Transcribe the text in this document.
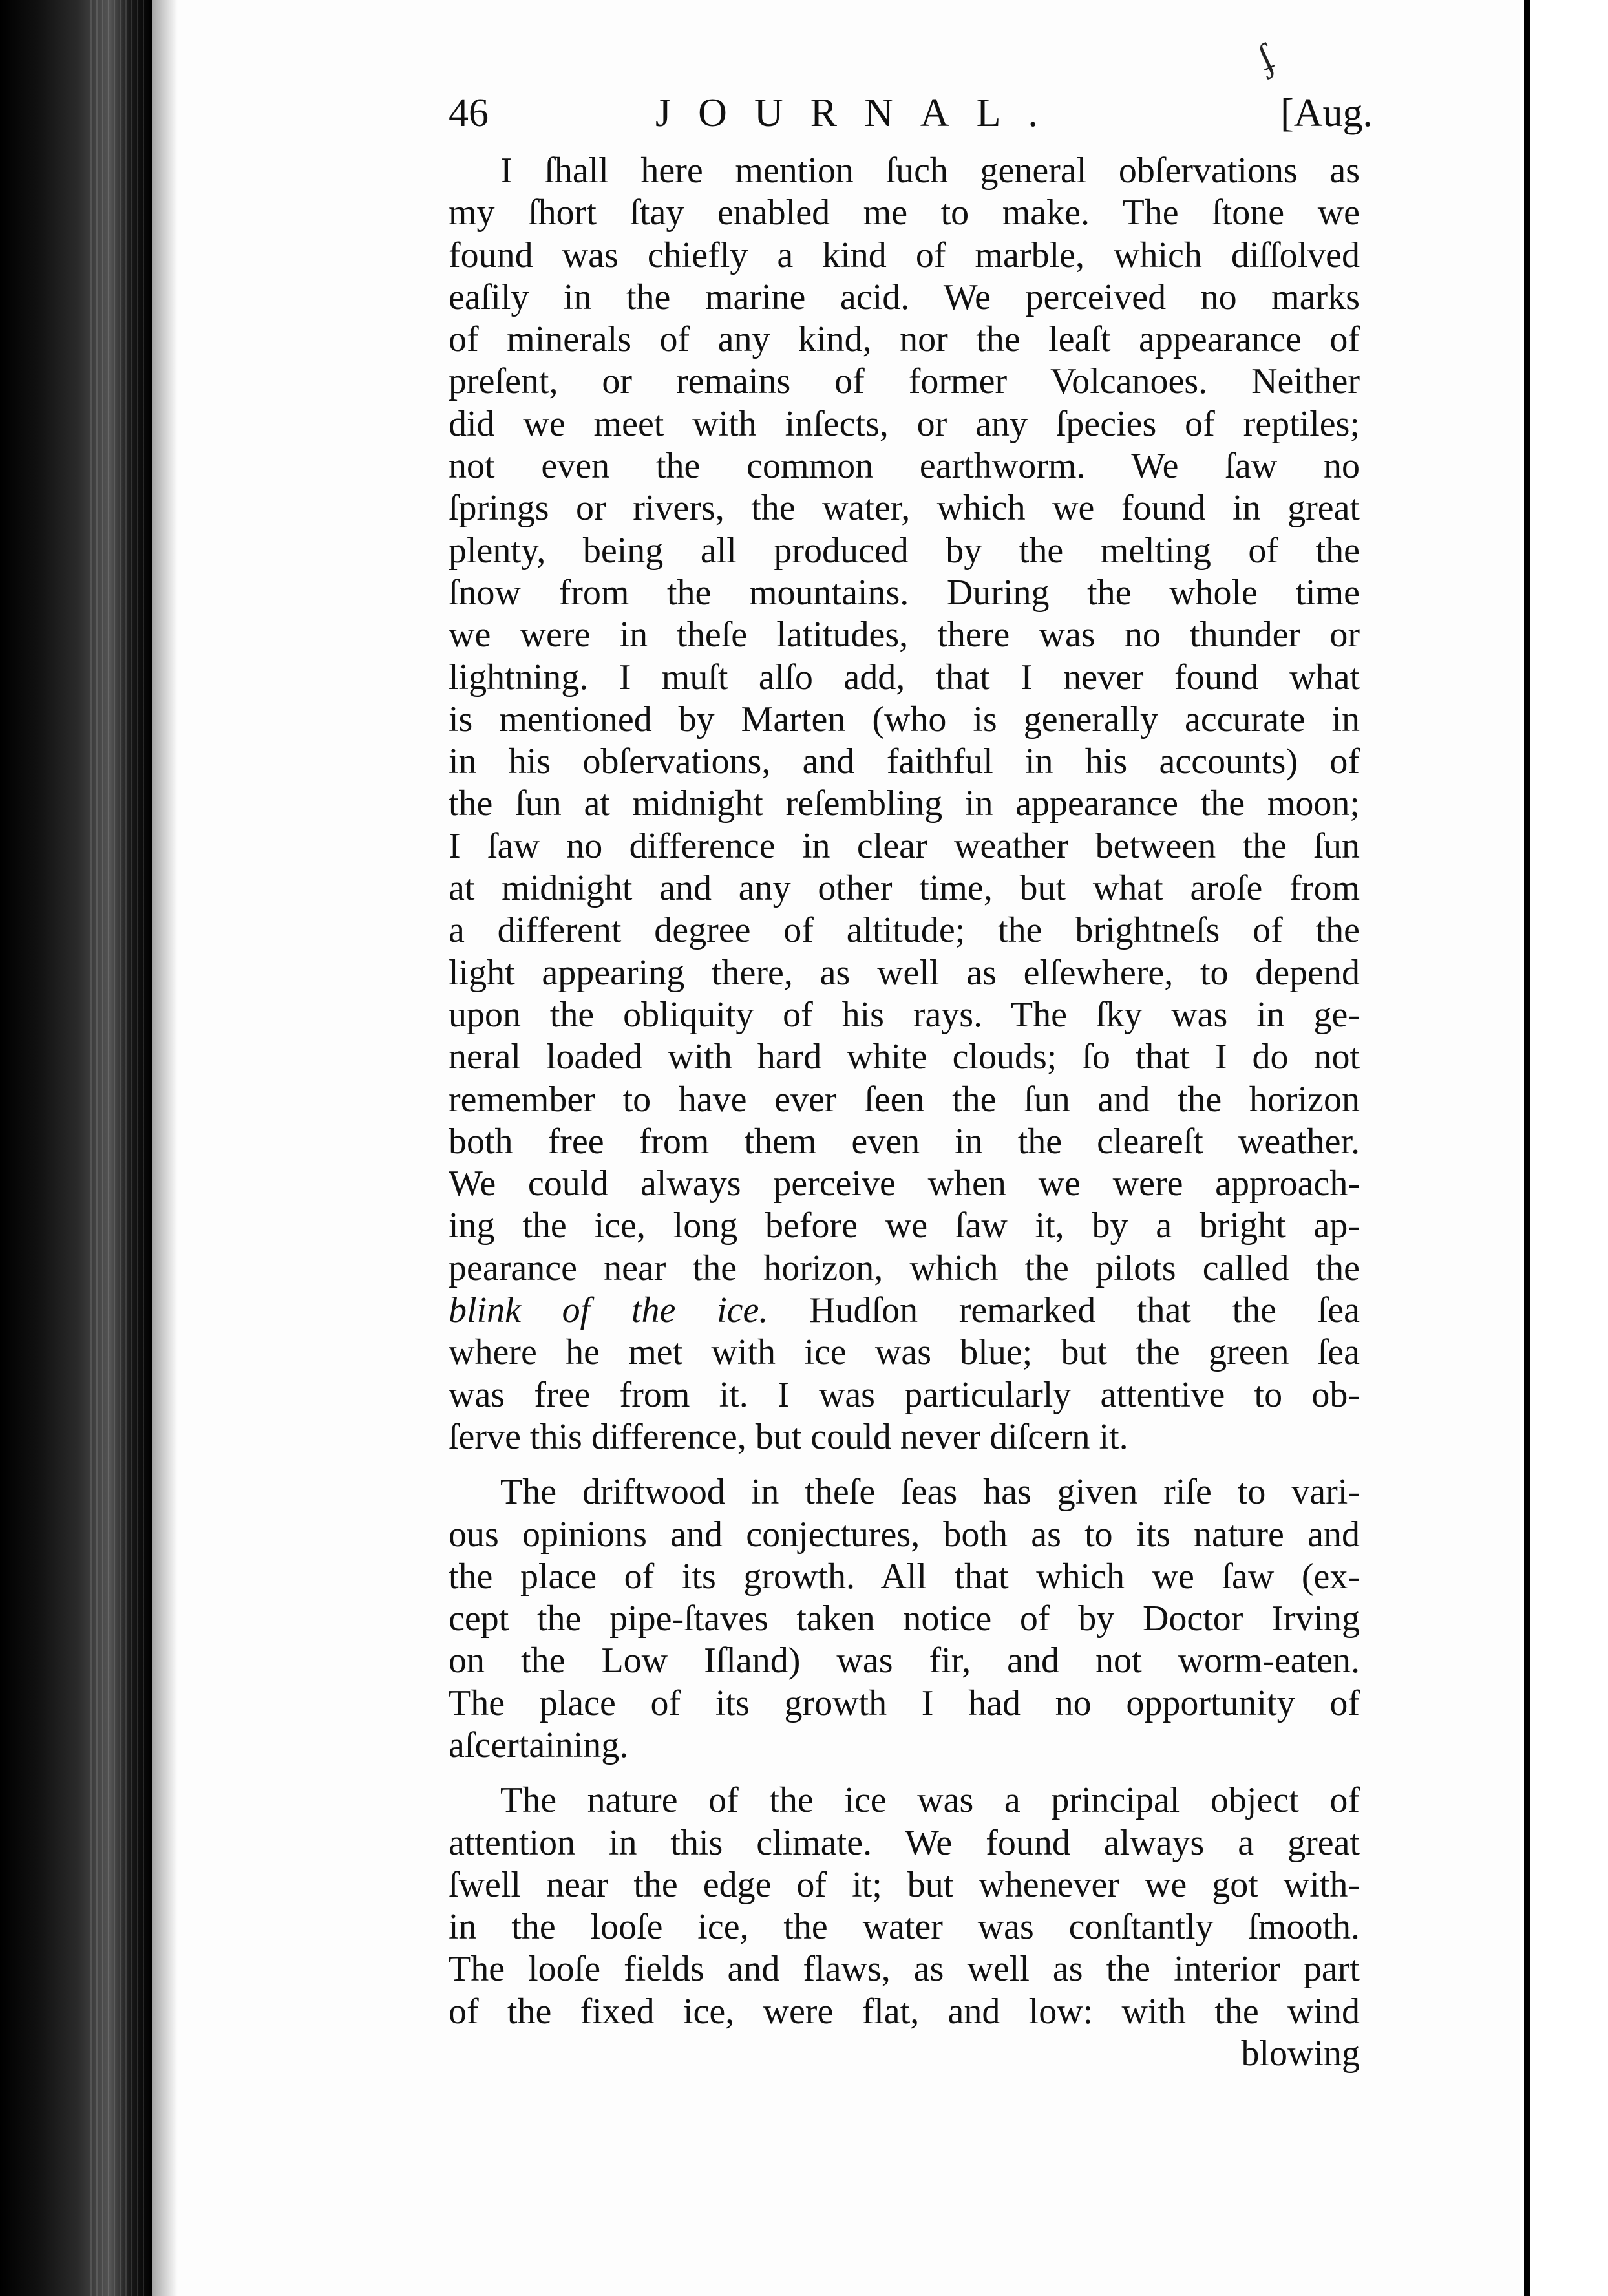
ʄ
46	JOURNAL.	[Aug.
I ſhall here mention ſuch general obſervations as
my ſhort ſtay enabled me to make. The ſtone we
found was chiefly a kind of marble, which diſſolved
eaſily in the marine acid. We perceived no marks
of minerals of any kind, nor the leaſt appearance of
preſent, or remains of former Volcanoes. Neither
did we meet with inſects, or any ſpecies of reptiles;
not even the common earthworm. We ſaw no
ſprings or rivers, the water, which we found in great
plenty, being all produced by the melting of the
ſnow from the mountains. During the whole time
we were in theſe latitudes, there was no thunder or
lightning. I muſt alſo add, that I never found what
is mentioned by Marten (who is generally accurate in
in his obſervations, and faithful in his accounts) of
the ſun at midnight reſembling in appearance the moon;
I ſaw no difference in clear weather between the ſun
at midnight and any other time, but what aroſe from
a different degree of altitude; the brightneſs of the
light appearing there, as well as elſewhere, to depend
upon the obliquity of his rays. The ſky was in ge-
neral loaded with hard white clouds; ſo that I do not
remember to have ever ſeen the ſun and the horizon
both free from them even in the cleareſt weather.
We could always perceive when we were approach-
ing the ice, long before we ſaw it, by a bright ap-
pearance near the horizon, which the pilots called the
blink of the ice. Hudſon remarked that the ſea
where he met with ice was blue; but the green ſea
was free from it. I was particularly attentive to ob-
ſerve this difference, but could never diſcern it.
The driftwood in theſe ſeas has given riſe to vari-
ous opinions and conjectures, both as to its nature and
the place of its growth. All that which we ſaw (ex-
cept the pipe-ſtaves taken notice of by Doctor Irving
on the Low Iſland) was fir, and not worm-eaten.
The place of its growth I had no opportunity of
aſcertaining.
The nature of the ice was a principal object of
attention in this climate. We found always a great
ſwell near the edge of it; but whenever we got with-
in the looſe ice, the water was conſtantly ſmooth.
The looſe fields and flaws, as well as the interior part
of the fixed ice, were flat, and low: with the wind
blowing
